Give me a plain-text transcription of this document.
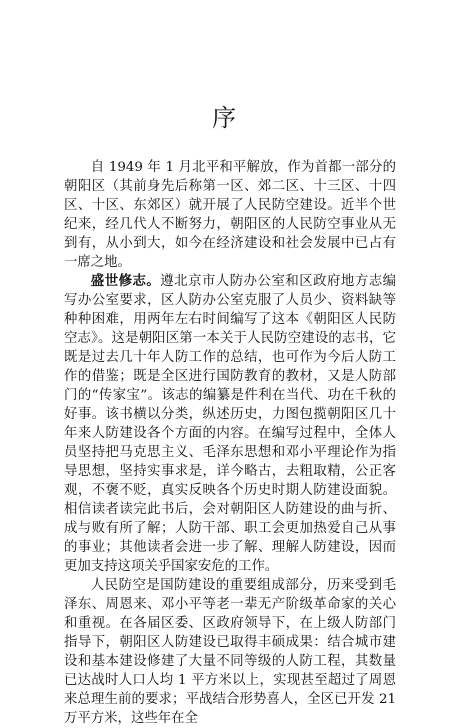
序

自 1949 年 1 月北平和平解放，作为首都一部分的朝阳区（其前身先后称第一区、郊二区、十三区、十四区、十区、东郊区）就开展了人民防空建设。近半个世纪来，经几代人不断努力，朝阳区的人民防空事业从无到有，从小到大，如今在经济建设和社会发展中已占有一席之地。

盛世修志。遵北京市人防办公室和区政府地方志编写办公室要求，区人防办公室克服了人员少、资料缺等种种困难，用两年左右时间编写了这本《朝阳区人民防空志》。这是朝阳区第一本关于人民防空建设的志书，它既是过去几十年人防工作的总结，也可作为今后人防工作的借鉴；既是全区进行国防教育的教材，又是人防部门的“传家宝”。该志的编纂是件利在当代、功在千秋的好事。该书横以分类，纵述历史，力图包揽朝阳区几十年来人防建设各个方面的内容。在编写过程中，全体人员坚持把马克思主义、毛泽东思想和邓小平理论作为指导思想，坚持实事求是，详今略古，去粗取精，公正客观，不褒不贬，真实反映各个历史时期人防建设面貌。相信读者读完此书后，会对朝阳区人防建设的曲与折、成与败有所了解；人防干部、职工会更加热爱自己从事的事业；其他读者会进一步了解、理解人防建设，因而更加支持这项关乎国家安危的工作。

人民防空是国防建设的重要组成部分，历来受到毛泽东、周恩来、邓小平等老一辈无产阶级革命家的关心和重视。在各届区委、区政府领导下，在上级人防部门指导下，朝阳区人防建设已取得丰硕成果：结合城市建设和基本建设修建了大量不同等级的人防工程，其数量已达战时人口人均 1 平方米以上，实现甚至超过了周恩来总理生前的要求；平战结合形势喜人，全区已开发 21 万平方米，这些年在全
